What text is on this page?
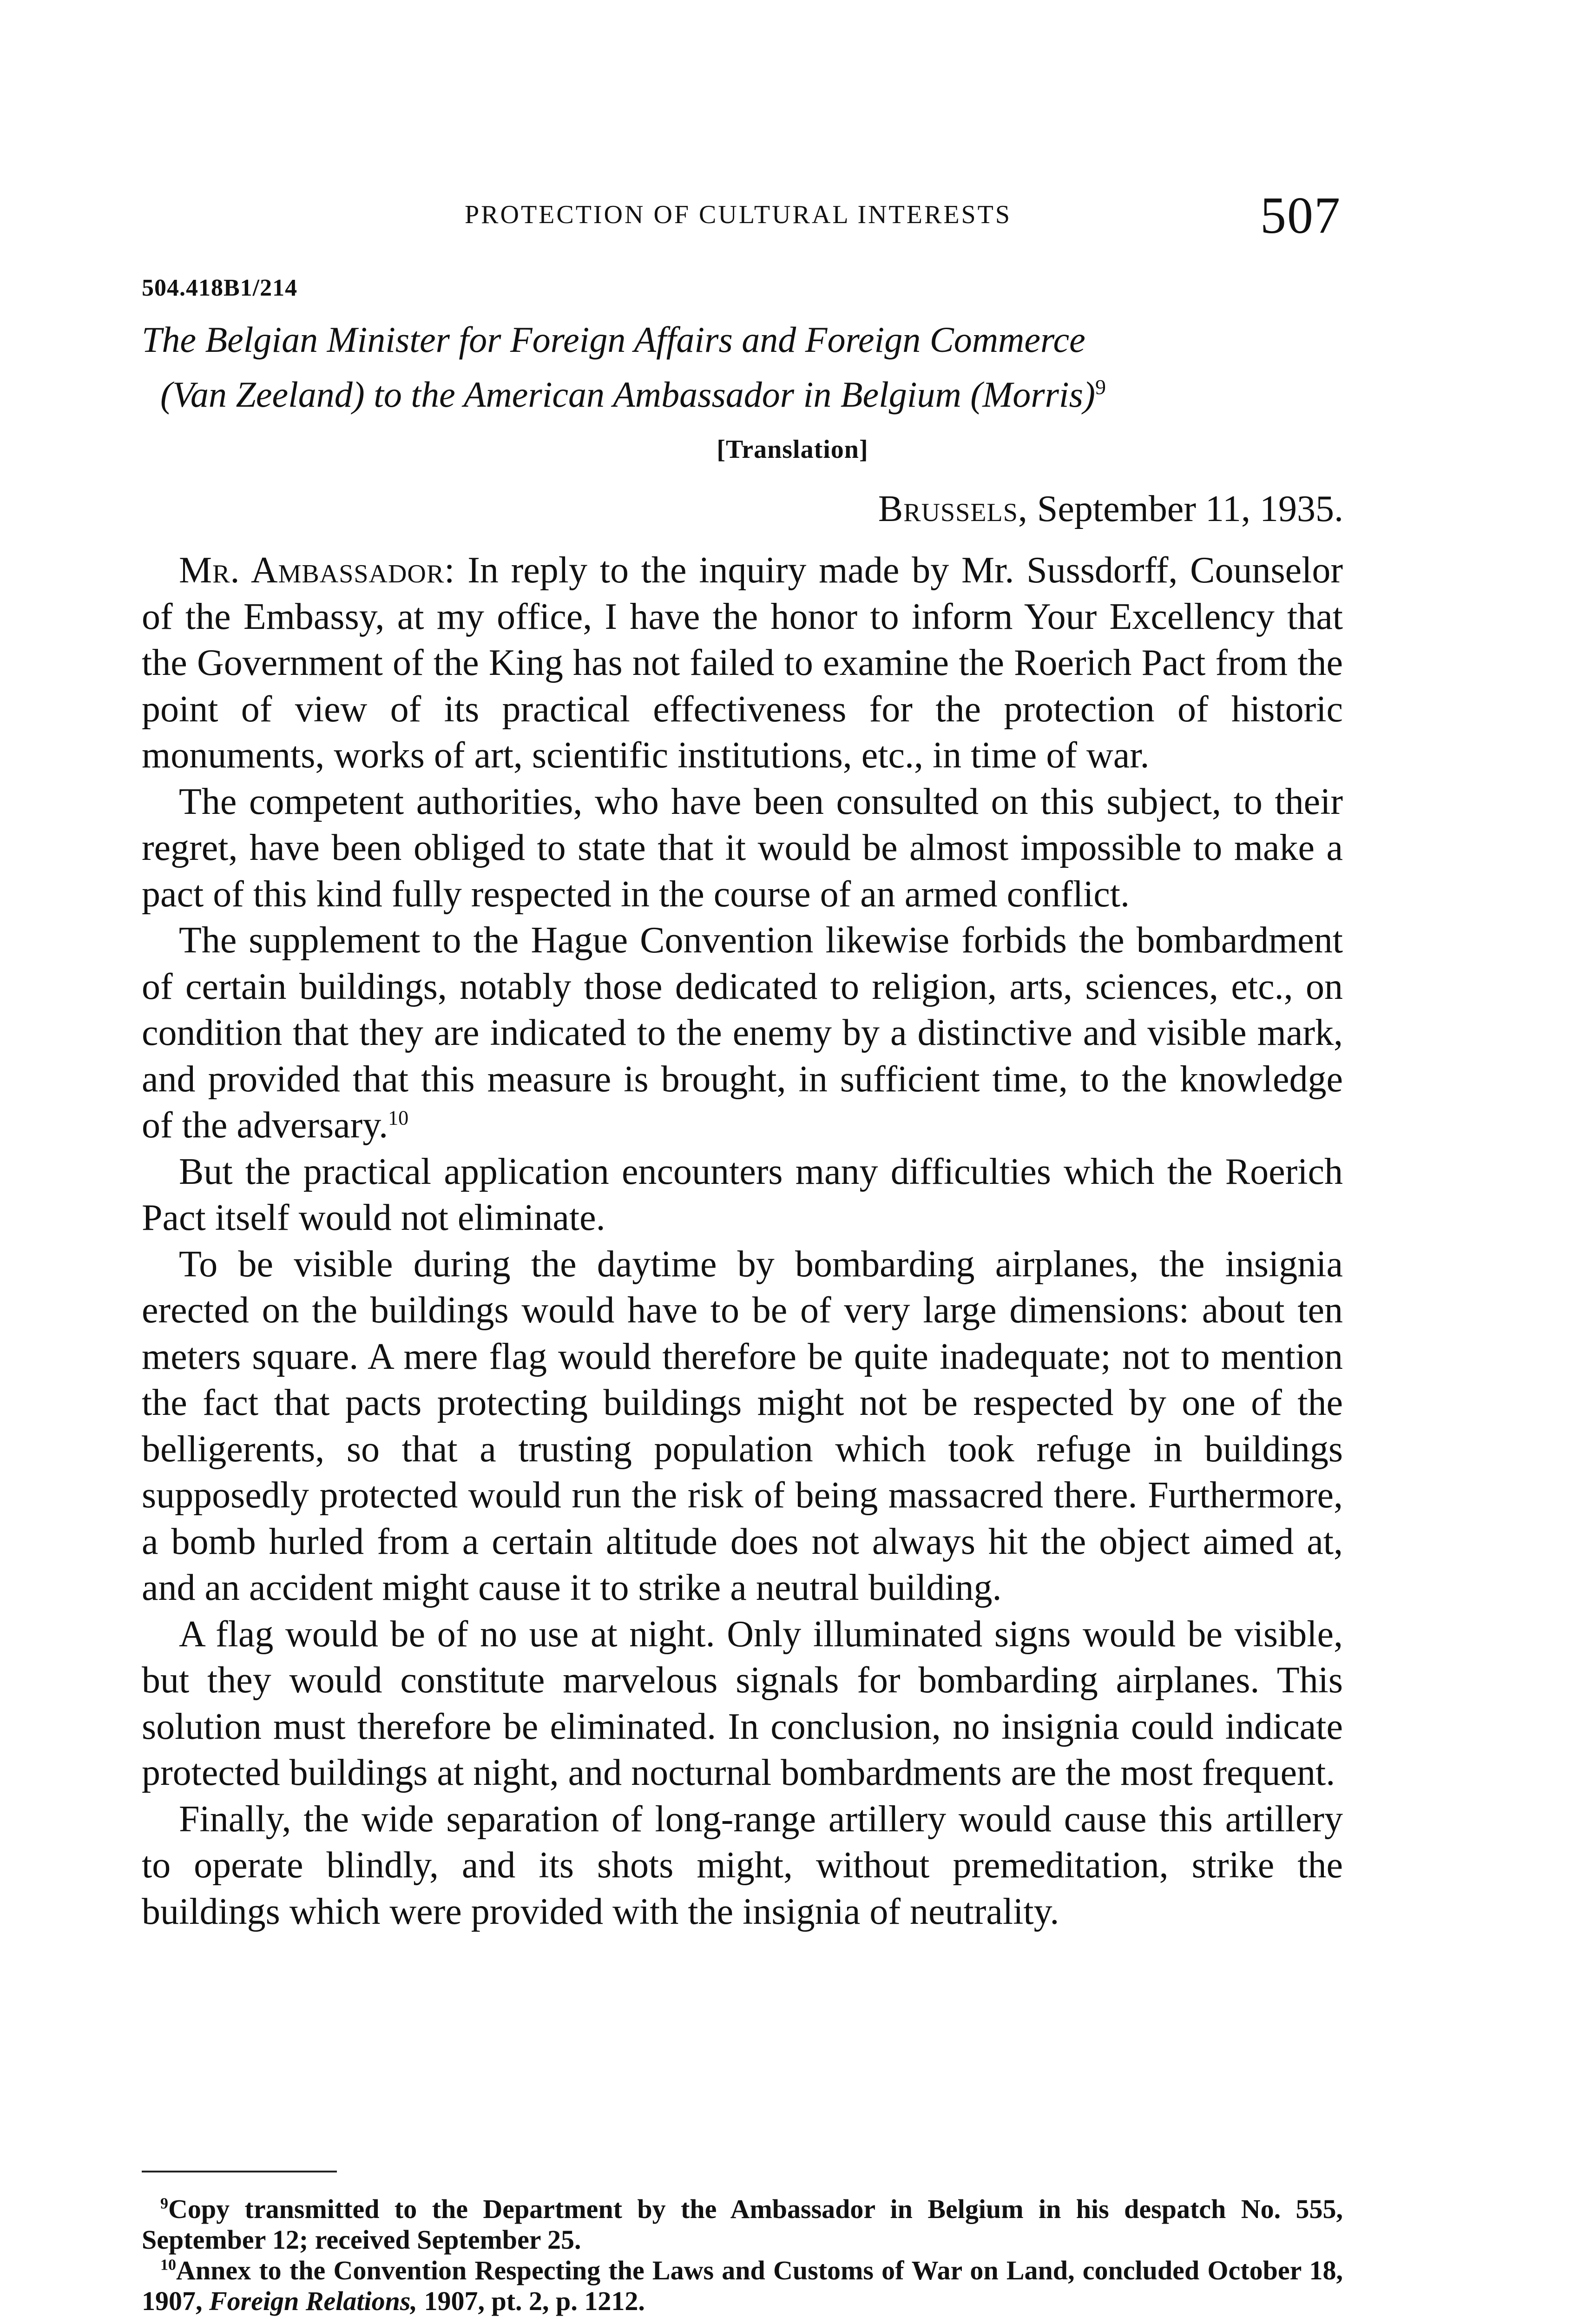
PROTECTION OF CULTURAL INTERESTS	507
504.418B1/214
The Belgian Minister for Foreign Affairs and Foreign Commerce
(Van Zeeland) to the American Ambassador in Belgium (Morris)$^9$
[Translation]
Brussels, September 11, 1935.

Mr. Ambassador: In reply to the inquiry made by Mr. Sussdorff, Counselor of the Embassy, at my office, I have the honor to inform Your Excellency that the Government of the King has not failed to examine the Roerich Pact from the point of view of its practical effectiveness for the protection of historic monuments, works of art, scientific institutions, etc., in time of war.

The competent authorities, who have been consulted on this subject, to their regret, have been obliged to state that it would be almost impossible to make a pact of this kind fully respected in the course of an armed conflict.

The supplement to the Hague Convention likewise forbids the bombardment of certain buildings, notably those dedicated to religion, arts, sciences, etc., on condition that they are indicated to the enemy by a distinctive and visible mark, and provided that this measure is brought, in sufficient time, to the knowledge of the adversary.$^{10}$

But the practical application encounters many difficulties which the Roerich Pact itself would not eliminate.

To be visible during the daytime by bombarding airplanes, the insignia erected on the buildings would have to be of very large dimensions: about ten meters square. A mere flag would therefore be quite inadequate; not to mention the fact that pacts protecting buildings might not be respected by one of the belligerents, so that a trusting population which took refuge in buildings supposedly protected would run the risk of being massacred there. Furthermore, a bomb hurled from a certain altitude does not always hit the object aimed at, and an accident might cause it to strike a neutral building.

A flag would be of no use at night. Only illuminated signs would be visible, but they would constitute marvelous signals for bombarding airplanes. This solution must therefore be eliminated. In conclusion, no insignia could indicate protected buildings at night, and nocturnal bombardments are the most frequent.

Finally, the wide separation of long-range artillery would cause this artillery to operate blindly, and its shots might, without premeditation, strike the buildings which were provided with the insignia of neutrality.

$^9$Copy transmitted to the Department by the Ambassador in Belgium in his despatch No. 555, September 12; received September 25.

$^{10}$Annex to the Convention Respecting the Laws and Customs of War on Land, concluded October 18, 1907, Foreign Relations, 1907, pt. 2, p. 1212.
